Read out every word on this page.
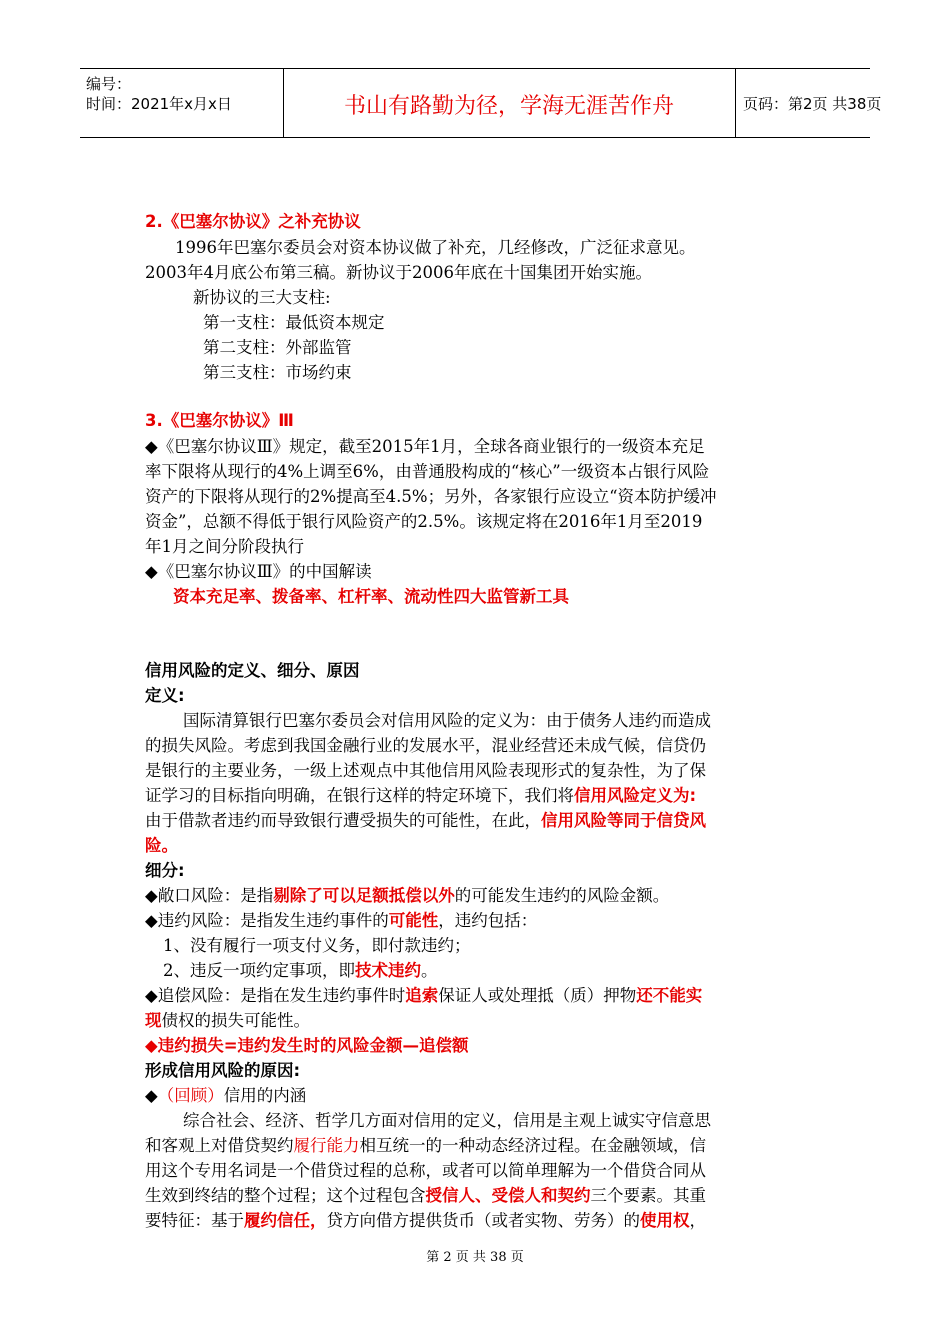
编号：
时间：2021年x月x日	书山有路勤为径，学海无涯苦作舟	页码：第2页 共38页
2.《巴塞尔协议》之补充协议
1996年巴塞尔委员会对资本协议做了补充，几经修改，广泛征求意见。
2003年4月底公布第三稿。新协议于2006年底在十国集团开始实施。
新协议的三大支柱:
第一支柱：最低资本规定
第二支柱：外部监管
第三支柱：市场约束
3.《巴塞尔协议》Ⅲ
◆《巴塞尔协议Ⅲ》规定，截至2015年1月，全球各商业银行的一级资本充足
率下限将从现行的4%上调至6%，由普通股构成的“核心”一级资本占银行风险
资产的下限将从现行的2%提高至4.5%；另外，各家银行应设立“资本防护缓冲
资金”，总额不得低于银行风险资产的2.5%。该规定将在2016年1月至2019
年1月之间分阶段执行
◆《巴塞尔协议Ⅲ》的中国解读
资本充足率、拨备率、杠杆率、流动性四大监管新工具
信用风险的定义、细分、原因
定义:
国际清算银行巴塞尔委员会对信用风险的定义为：由于债务人违约而造成
的损失风险。考虑到我国金融行业的发展水平，混业经营还未成气候，信贷仍
是银行的主要业务，一级上述观点中其他信用风险表现形式的复杂性，为了保
证学习的目标指向明确，在银行这样的特定环境下，我们将信用风险定义为:
由于借款者违约而导致银行遭受损失的可能性，在此，信用风险等同于信贷风
险。
细分:
◆敞口风险：是指剔除了可以足额抵偿以外的可能发生违约的风险金额。
◆违约风险：是指发生违约事件的可能性，违约包括：
1、没有履行一项支付义务，即付款违约；
2、违反一项约定事项，即技术违约。
◆追偿风险：是指在发生违约事件时追索保证人或处理抵（质）押物还不能实
现债权的损失可能性。
◆违约损失=违约发生时的风险金额—追偿额
形成信用风险的原因:
◆（回顾）信用的内涵
综合社会、经济、哲学几方面对信用的定义，信用是主观上诚实守信意思
和客观上对借贷契约履行能力相互统一的一种动态经济过程。在金融领域，信
用这个专用名词是一个借贷过程的总称，或者可以简单理解为一个借贷合同从
生效到终结的整个过程；这个过程包含授信人、受偿人和契约三个要素。其重
要特征：基于履约信任，贷方向借方提供货币（或者实物、劳务）的使用权，
第 2 页 共 38 页
